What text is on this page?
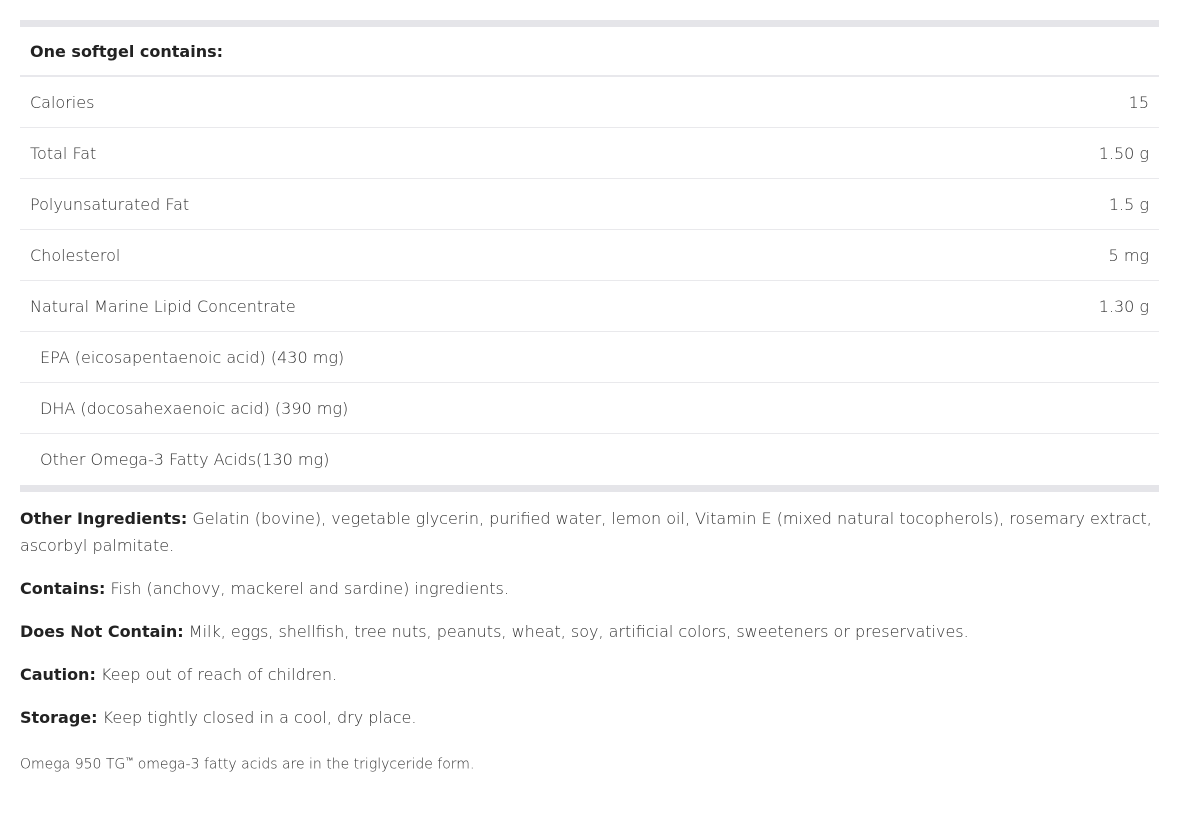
One softgel contains:
Calories	15
Total Fat	1.50 g
Polyunsaturated Fat	1.5 g
Cholesterol	5 mg
Natural Marine Lipid Concentrate	1.30 g
EPA (eicosapentaenoic acid) (430 mg)
DHA (docosahexaenoic acid) (390 mg)
Other Omega-3 Fatty Acids(130 mg)

Other Ingredients: Gelatin (bovine), vegetable glycerin, purified water, lemon oil, Vitamin E (mixed natural tocopherols), rosemary extract, ascorbyl palmitate.

Contains: Fish (anchovy, mackerel and sardine) ingredients.

Does Not Contain: Milk, eggs, shellfish, tree nuts, peanuts, wheat, soy, artificial colors, sweeteners or preservatives.

Caution: Keep out of reach of children.

Storage: Keep tightly closed in a cool, dry place.

Omega 950 TG™ omega-3 fatty acids are in the triglyceride form.
